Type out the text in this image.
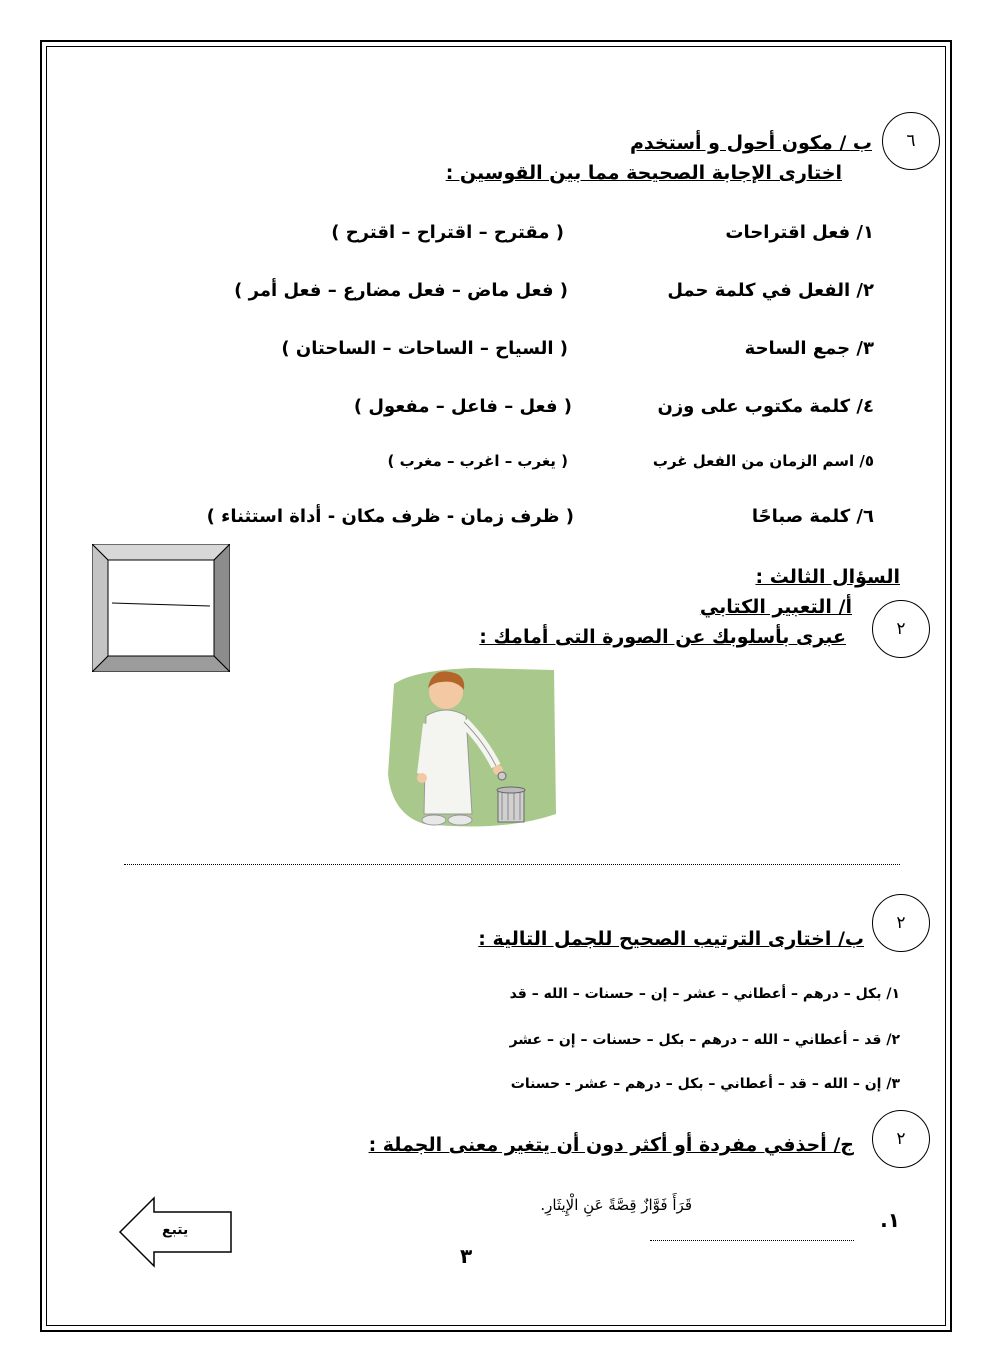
٦
ب / مكون أحول و أستخدم
اختارى الإجابة الصحيحة مما بين القوسين :
١/ فعل اقتراحات
( مقترح – اقتراح – اقترح )
٢/ الفعل في كلمة حمل
( فعل ماض – فعل مضارع – فعل أمر )
٣/ جمع الساحة
( السياح – الساحات – الساحتان )
٤/ كلمة مكتوب على وزن
( فعل – فاعل – مفعول )
٥/ اسم الزمان من الفعل غرب
( يغرب – اغرب – مغرب )
٦/ كلمة صباحًا
( ظرف زمان - ظرف مكان - أداة استثناء )
السؤال الثالث :
أ/ التعبير الكتابي
عبرى بأسلوبك عن الصورة التى أمامك :	٢
٢
ب/ اختارى الترتيب الصحيح للجمل التالية :
١/ بكل – درهم – أعطاني – عشر – إن – حسنات – الله – قد
٢/ قد – أعطاني – الله – درهم – بكل – حسنات – إن – عشر
٣/ إن – الله – قد – أعطاني – بكل – درهم – عشر - حسنات
٢
ج/ أحذفي مفردة أو أكثر دون أن يتغير معنى الجملة :
١.
قَرَأَ فَوَّازٌ قِصَّةً عَنِ الْإِيثَارِ.
يتبع
٣
